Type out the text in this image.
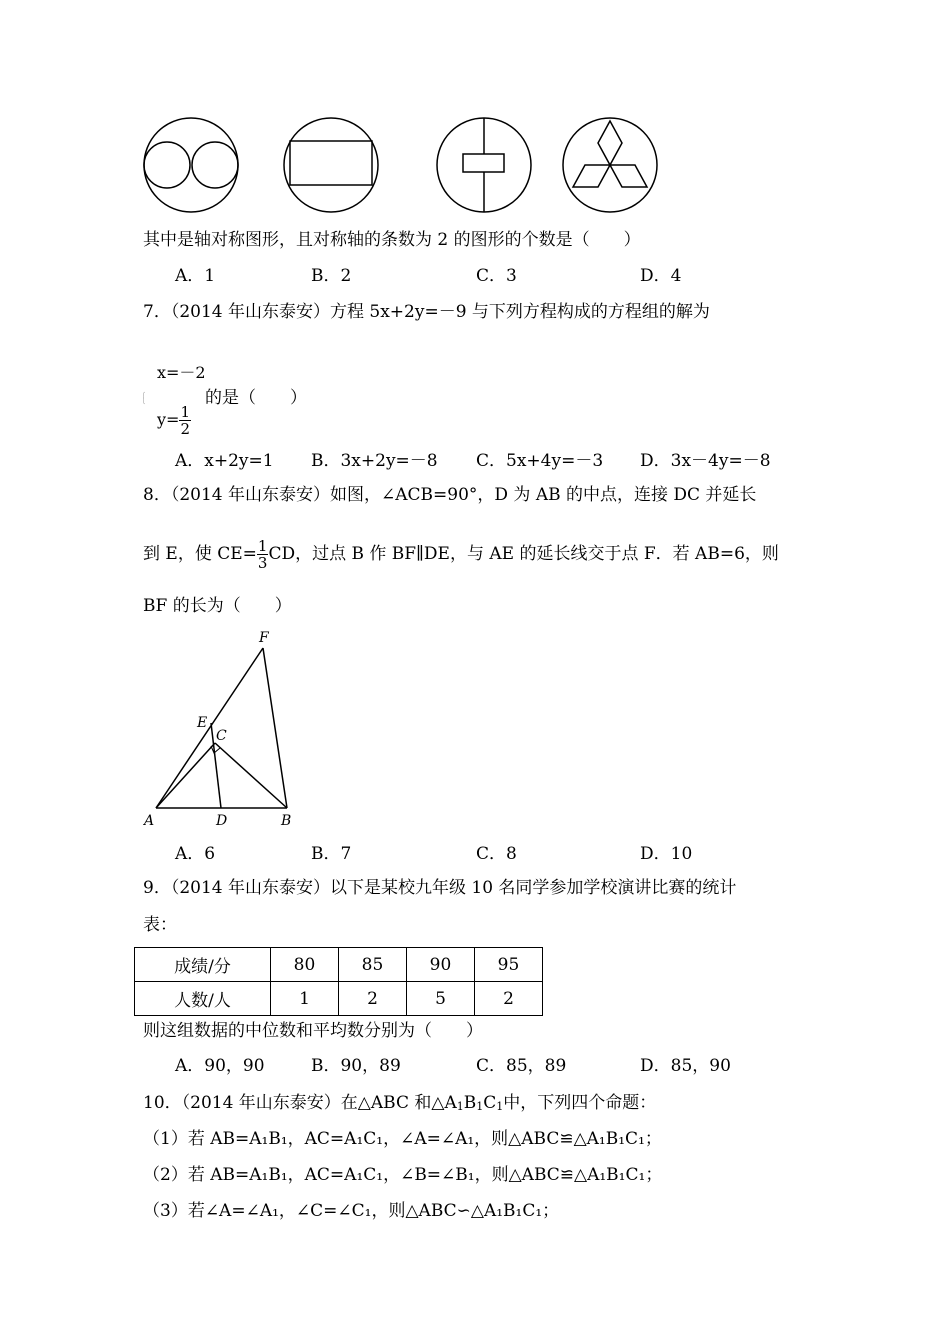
其中是轴对称图形，且对称轴的条数为 2 的图形的个数是（　　）
A．1	B．2	C．3	D．4
7．（2014 年山东泰安）方程 5x+2y=－9 与下列方程构成的方程组的解为
x=－2
$y= \frac{1}{2}$
的是（　　）
A．x+2y=1 B．3x+2y=－8 C．5x+4y=－3 D．3x－4y=－8
8．（2014 年山东泰安）如图，∠ACB=90°，D 为 AB 的中点，连接 DC 并延长
到 E，使 $CE= \frac{1}{3}$ CD，过点 B 作 BF∥DE，与 AE 的延长线交于点 F．若 AB=6，则
BF 的长为（　　）
A	D	B
C
E
F
A．6	B．7	C．8	D．10
9．（2014 年山东泰安）以下是某校九年级 10 名同学参加学校演讲比赛的统计
表：
成绩/分	80	85	90	95
人数/人	1	2	5	2
则这组数据的中位数和平均数分别为（　　）
A．90，90	B．90，89	C．85，89	D．85，90
10．（2014 年山东泰安）在△ABC 和$\triangle A_1B_1C_1$中，下列四个命题：
（1）若 AB=A₁B₁，AC=A₁C₁，∠A=∠A₁，则△ABC≌△A₁B₁C₁；
（2）若 AB=A₁B₁，AC=A₁C₁，∠B=∠B₁，则△ABC≌△A₁B₁C₁；
（3）若∠A=∠A₁，∠C=∠C₁，则△ABC∽△A₁B₁C₁；
